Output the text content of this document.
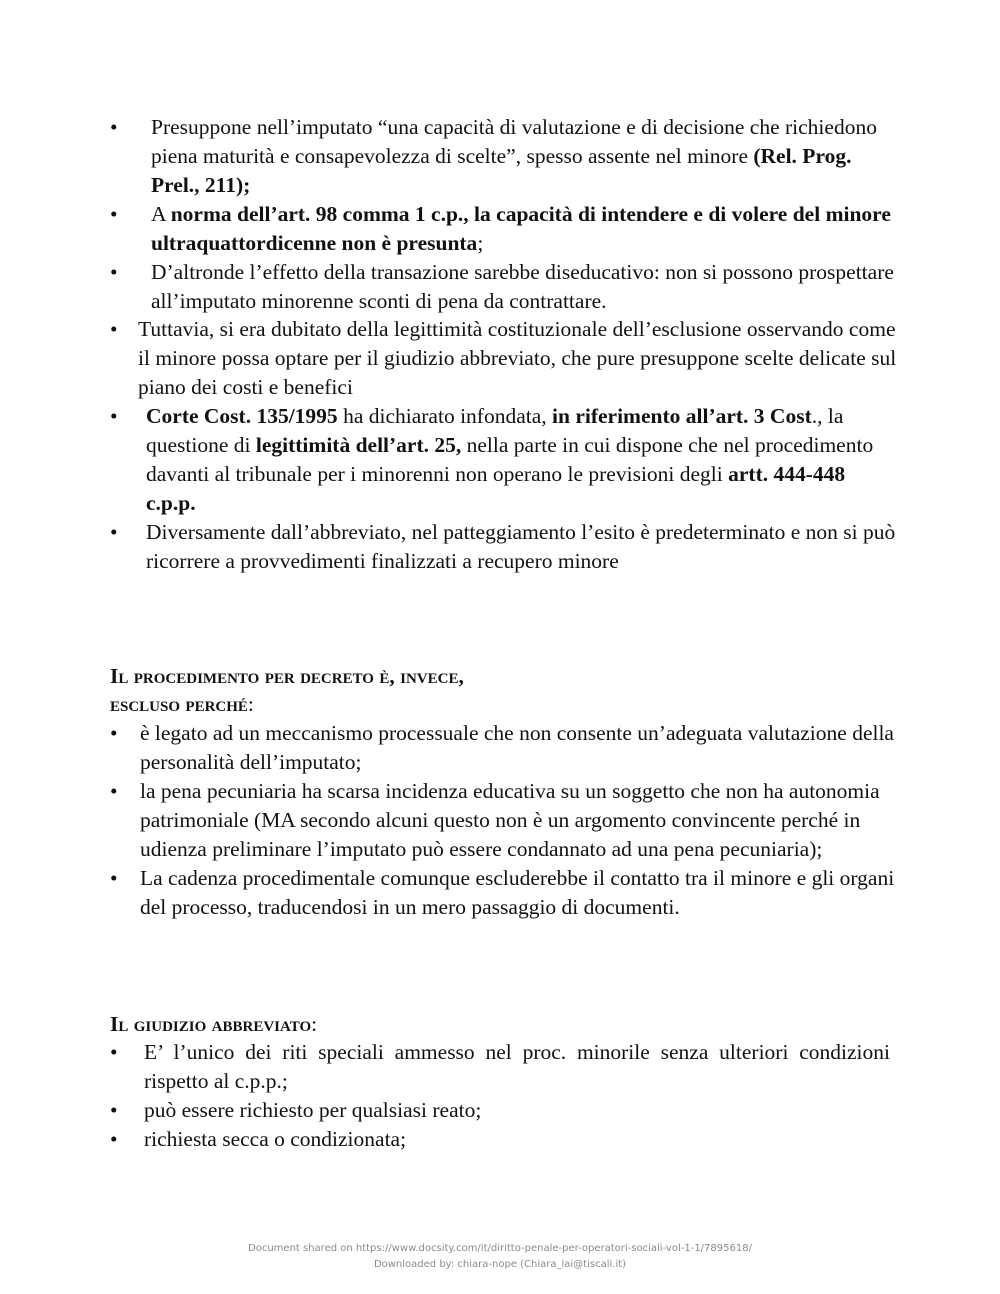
• Presuppone nell’imputato “una capacità di valutazione e di decisione che richiedono piena maturità e consapevolezza di scelte”, spesso assente nel minore (Rel. Prog. Prel., 211);
• A norma dell’art. 98 comma 1 c.p., la capacità di intendere e di volere del minore ultraquattordicenne non è presunta;
• D’altronde l’effetto della transazione sarebbe diseducativo: non si possono prospettare all’imputato minorenne sconti di pena da contrattare.
• Tuttavia, si era dubitato della legittimità costituzionale dell’esclusione osservando come il minore possa optare per il giudizio abbreviato, che pure presuppone scelte delicate sul piano dei costi e benefici
• Corte Cost. 135/1995 ha dichiarato infondata, in riferimento all’art. 3 Cost., la questione di legittimità dell’art. 25, nella parte in cui dispone che nel procedimento davanti al tribunale per i minorenni non operano le previsioni degli artt. 444-448 c.p.p.
• Diversamente dall’abbreviato, nel patteggiamento l’esito è predeterminato e non si può ricorrere a provvedimenti finalizzati a recupero minore
Il procedimento per decreto è, invece,
escluso perché:
• è legato ad un meccanismo processuale che non consente un’adeguata valutazione della personalità dell’imputato;
• la pena pecuniaria ha scarsa incidenza educativa su un soggetto che non ha autonomia patrimoniale (MA secondo alcuni questo non è un argomento convincente perché in udienza preliminare l’imputato può essere condannato ad una pena pecuniaria);
• La cadenza procedimentale comunque escluderebbe il contatto tra il minore e gli organi del processo, traducendosi in un mero passaggio di documenti.
Il giudizio abbreviato:
• E’ l’unico dei riti speciali ammesso nel proc. minorile senza ulteriori condizioni rispetto al c.p.p.;
• può essere richiesto per qualsiasi reato;
• richiesta secca o condizionata;
Document shared on https://www.docsity.com/it/diritto-penale-per-operatori-sociali-vol-1-1/7895618/
Downloaded by: chiara-nope (Chiara_lai@tiscali.it)
